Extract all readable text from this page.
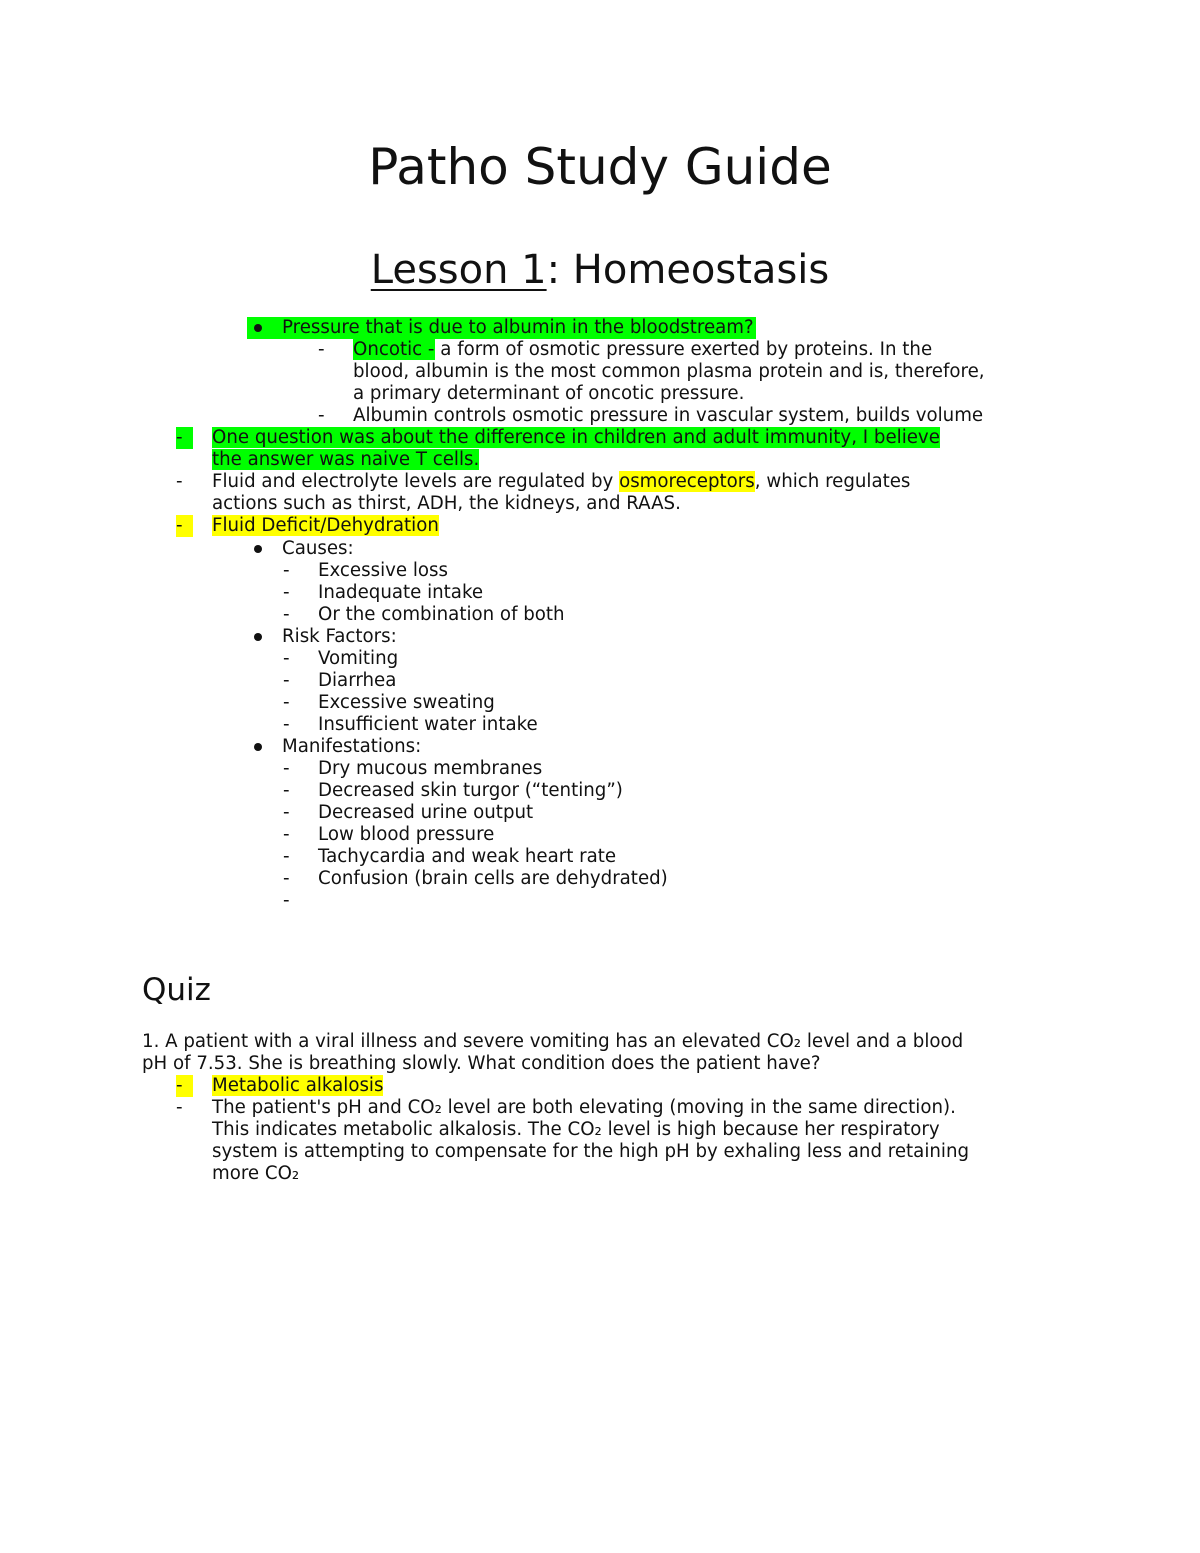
Patho Study Guide
Lesson 1: Homeostasis
Pressure that is due to albumin in the bloodstream?
- Oncotic - a form of osmotic pressure exerted by proteins. In the
blood, albumin is the most common plasma protein and is, therefore,
a primary determinant of oncotic pressure.
- Albumin controls osmotic pressure in vascular system, builds volume
-	One question was about the difference in children and adult immunity, I believe
the answer was naive T cells.
- Fluid and electrolyte levels are regulated by osmoreceptors, which regulates
actions such as thirst, ADH, the kidneys, and RAAS.
-	Fluid Deficit/Dehydration
Causes:
- Excessive loss
- Inadequate intake
- Or the combination of both
Risk Factors:
- Vomiting
- Diarrhea
- Excessive sweating
- Insufficient water intake
Manifestations:
- Dry mucous membranes
- Decreased skin turgor (“tenting”)
- Decreased urine output
- Low blood pressure
- Tachycardia and weak heart rate
- Confusion (brain cells are dehydrated)
-
Quiz
1. A patient with a viral illness and severe vomiting has an elevated CO₂ level and a blood
pH of 7.53. She is breathing slowly. What condition does the patient have?
-	Metabolic alkalosis
- The patient's pH and CO₂ level are both elevating (moving in the same direction).
This indicates metabolic alkalosis. The CO₂ level is high because her respiratory
system is attempting to compensate for the high pH by exhaling less and retaining
more CO₂
